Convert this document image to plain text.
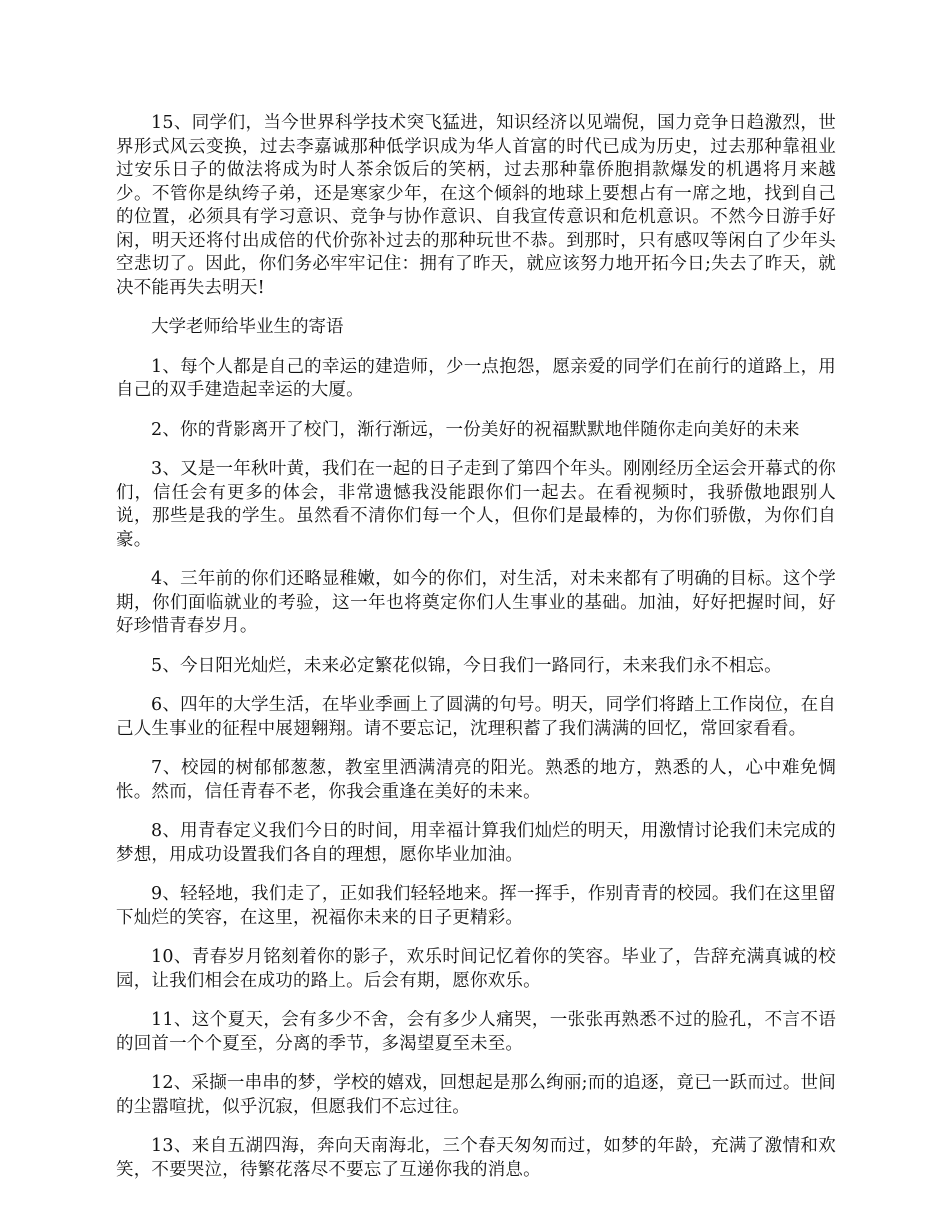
15、同学们，当今世界科学技术突飞猛进，知识经济以见端倪，国力竞争日趋激烈，世界形式风云变换，过去李嘉诚那种低学识成为华人首富的时代已成为历史，过去那种靠祖业过安乐日子的做法将成为时人茶余饭后的笑柄，过去那种靠侨胞捐款爆发的机遇将月来越少。不管你是纨绔子弟，还是寒家少年，在这个倾斜的地球上要想占有一席之地，找到自己的位置，必须具有学习意识、竞争与协作意识、自我宣传意识和危机意识。不然今日游手好闲，明天还将付出成倍的代价弥补过去的那种玩世不恭。到那时，只有感叹等闲白了少年头空悲切了。因此，你们务必牢牢记住：拥有了昨天，就应该努力地开拓今日;失去了昨天，就决不能再失去明天!

大学老师给毕业生的寄语

1、每个人都是自己的幸运的建造师，少一点抱怨，愿亲爱的同学们在前行的道路上，用自己的双手建造起幸运的大厦。

2、你的背影离开了校门，渐行渐远，一份美好的祝福默默地伴随你走向美好的未来

3、又是一年秋叶黄，我们在一起的日子走到了第四个年头。刚刚经历全运会开幕式的你们，信任会有更多的体会，非常遗憾我没能跟你们一起去。在看视频时，我骄傲地跟别人说，那些是我的学生。虽然看不清你们每一个人，但你们是最棒的，为你们骄傲，为你们自豪。

4、三年前的你们还略显稚嫩，如今的你们，对生活，对未来都有了明确的目标。这个学期，你们面临就业的考验，这一年也将奠定你们人生事业的基础。加油，好好把握时间，好好珍惜青春岁月。

5、今日阳光灿烂，未来必定繁花似锦，今日我们一路同行，未来我们永不相忘。

6、四年的大学生活，在毕业季画上了圆满的句号。明天，同学们将踏上工作岗位，在自己人生事业的征程中展翅翱翔。请不要忘记，沈理积蓄了我们满满的回忆，常回家看看。

7、校园的树郁郁葱葱，教室里洒满清亮的阳光。熟悉的地方，熟悉的人，心中难免惆怅。然而，信任青春不老，你我会重逢在美好的未来。

8、用青春定义我们今日的时间，用幸福计算我们灿烂的明天，用激情讨论我们未完成的梦想，用成功设置我们各自的理想，愿你毕业加油。

9、轻轻地，我们走了，正如我们轻轻地来。挥一挥手，作别青青的校园。我们在这里留下灿烂的笑容，在这里，祝福你未来的日子更精彩。

10、青春岁月铭刻着你的影子，欢乐时间记忆着你的笑容。毕业了，告辞充满真诚的校园，让我们相会在成功的路上。后会有期，愿你欢乐。

11、这个夏天，会有多少不舍，会有多少人痛哭，一张张再熟悉不过的脸孔，不言不语的回首一个个夏至，分离的季节，多渴望夏至未至。

12、采撷一串串的梦，学校的嬉戏，回想起是那么绚丽;而的追逐，竟已一跃而过。世间的尘嚣喧扰，似乎沉寂，但愿我们不忘过往。

13、来自五湖四海，奔向天南海北，三个春天匆匆而过，如梦的年龄，充满了激情和欢笑，不要哭泣，待繁花落尽不要忘了互递你我的消息。
